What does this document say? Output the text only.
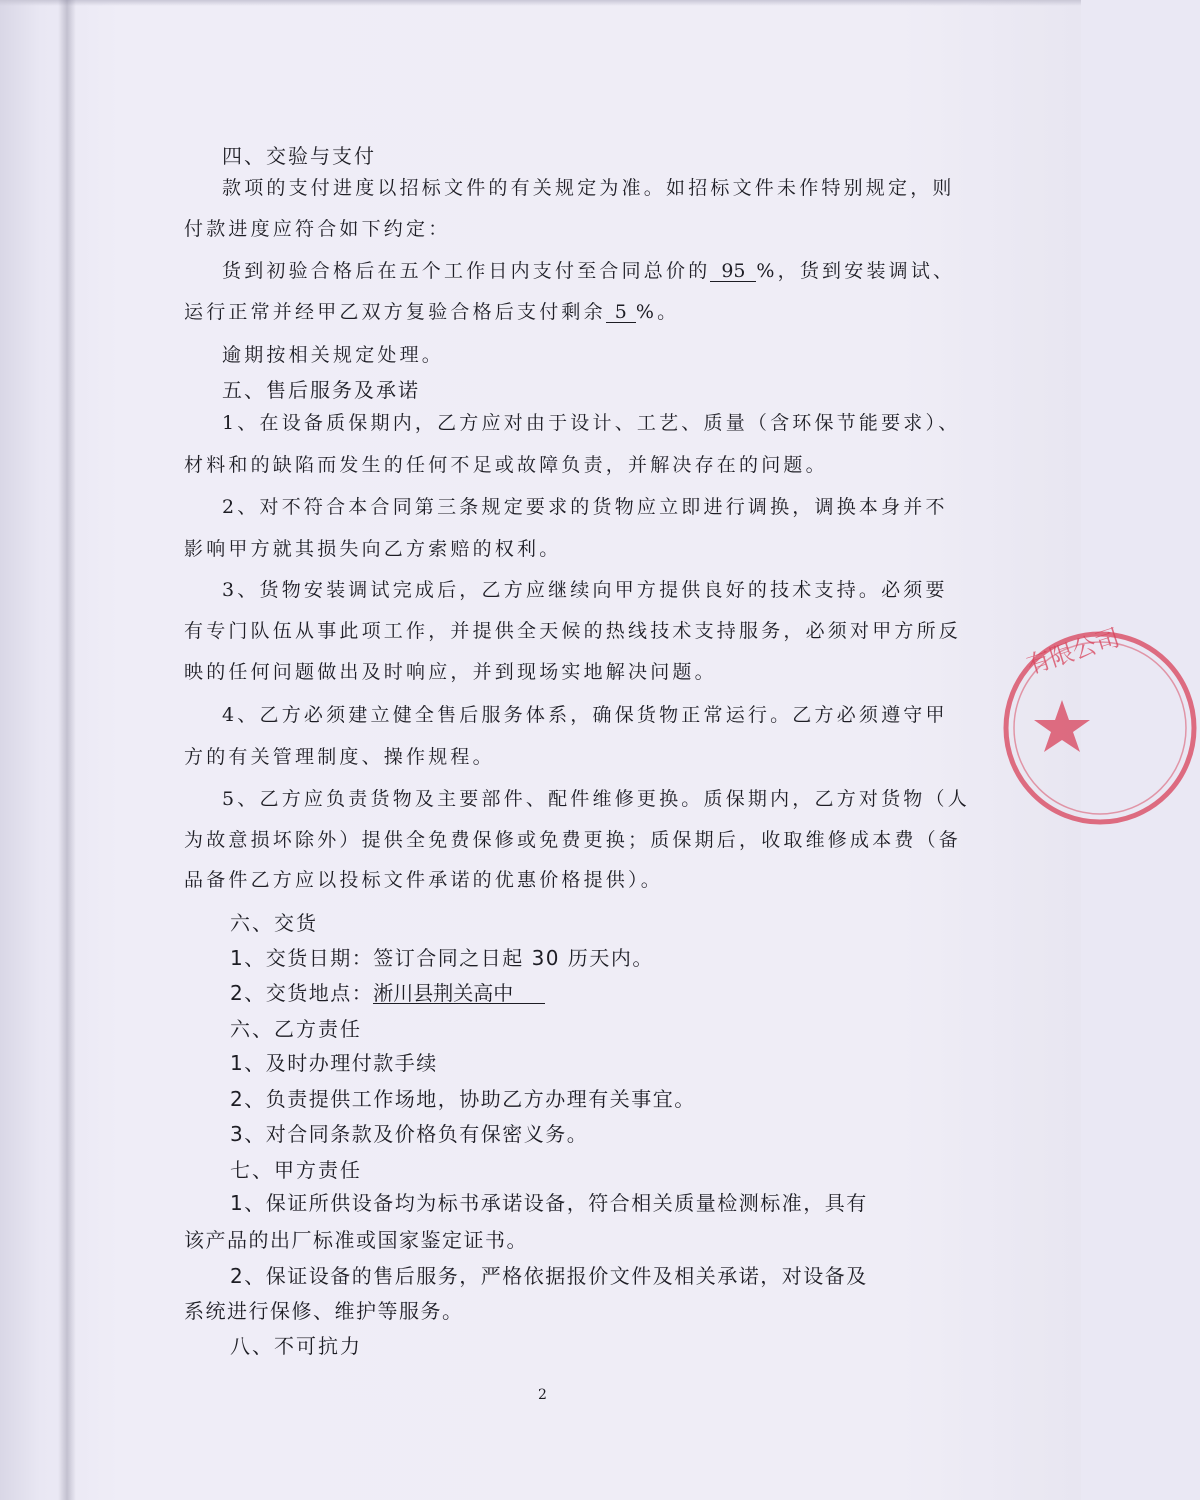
四、交验与支付
款项的支付进度以招标文件的有关规定为准。如招标文件未作特别规定，则
付款进度应符合如下约定：
货到初验合格后在五个工作日内支付至合同总价的 95 %，货到安装调试、
运行正常并经甲乙双方复验合格后支付剩余 5 %。
逾期按相关规定处理。
五、售后服务及承诺
1、在设备质保期内，乙方应对由于设计、工艺、质量（含环保节能要求）、
材料和的缺陷而发生的任何不足或故障负责，并解决存在的问题。
2、对不符合本合同第三条规定要求的货物应立即进行调换，调换本身并不
影响甲方就其损失向乙方索赔的权利。
3、货物安装调试完成后，乙方应继续向甲方提供良好的技术支持。必须要
有专门队伍从事此项工作，并提供全天候的热线技术支持服务，必须对甲方所反
映的任何问题做出及时响应，并到现场实地解决问题。
4、乙方必须建立健全售后服务体系，确保货物正常运行。乙方必须遵守甲
方的有关管理制度、操作规程。
5、乙方应负责货物及主要部件、配件维修更换。质保期内，乙方对货物（人
为故意损坏除外）提供全免费保修或免费更换；质保期后，收取维修成本费（备
品备件乙方应以投标文件承诺的优惠价格提供）。
六、交货
1、交货日期：签订合同之日起 30 历天内。
2、交货地点：淅川县荆关高中
六、乙方责任
1、及时办理付款手续
2、负责提供工作场地，协助乙方办理有关事宜。
3、对合同条款及价格负有保密义务。
七、甲方责任
1、保证所供设备均为标书承诺设备，符合相关质量检测标准，具有
该产品的出厂标准或国家鉴定证书。
2、保证设备的售后服务，严格依据报价文件及相关承诺，对设备及
系统进行保修、维护等服务。
八、不可抗力
2
有限公司
